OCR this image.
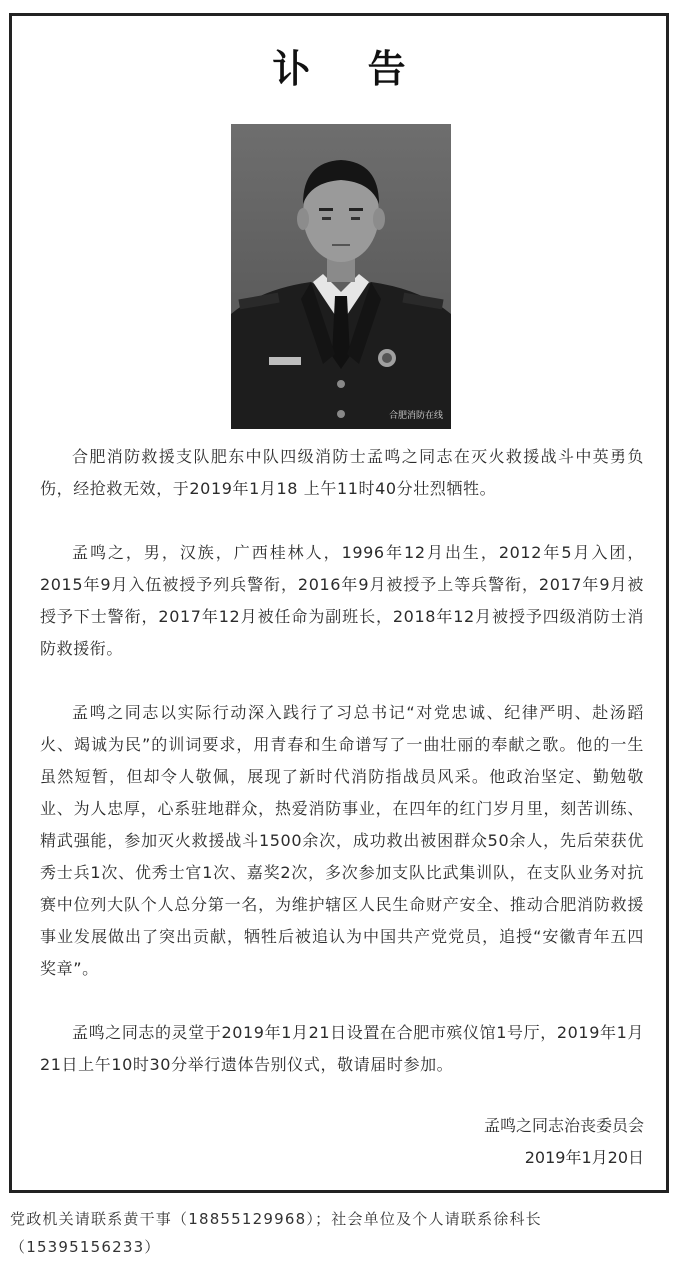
讣 告
合肥消防在线

合肥消防救援支队肥东中队四级消防士孟鸣之同志在灭火救援战斗中英勇负伤，经抢救无效，于2019年1月18 上午11时40分壮烈牺牲。

孟鸣之，男，汉族，广西桂林人，1996年12月出生，2012年5月入团，2015年9月入伍被授予列兵警衔，2016年9月被授予上等兵警衔，2017年9月被授予下士警衔，2017年12月被任命为副班长，2018年12月被授予四级消防士消防救援衔。

孟鸣之同志以实际行动深入践行了习总书记“对党忠诚、纪律严明、赴汤蹈火、竭诚为民”的训词要求，用青春和生命谱写了一曲壮丽的奉献之歌。他的一生虽然短暂，但却令人敬佩，展现了新时代消防指战员风采。他政治坚定、勤勉敬业、为人忠厚，心系驻地群众，热爱消防事业，在四年的红门岁月里，刻苦训练、精武强能，参加灭火救援战斗1500余次，成功救出被困群众50余人，先后荣获优秀士兵1次、优秀士官1次、嘉奖2次，多次参加支队比武集训队，在支队业务对抗赛中位列大队个人总分第一名，为维护辖区人民生命财产安全、推动合肥消防救援事业发展做出了突出贡献，牺牲后被追认为中国共产党党员，追授“安徽青年五四奖章”。

孟鸣之同志的灵堂于2019年1月21日设置在合肥市殡仪馆1号厅，2019年1月21日上午10时30分举行遗体告别仪式，敬请届时参加。

孟鸣之同志治丧委员会
2019年1月20日
党政机关请联系黄干事（18855129968）；社会单位及个人请联系徐科长（15395156233）
